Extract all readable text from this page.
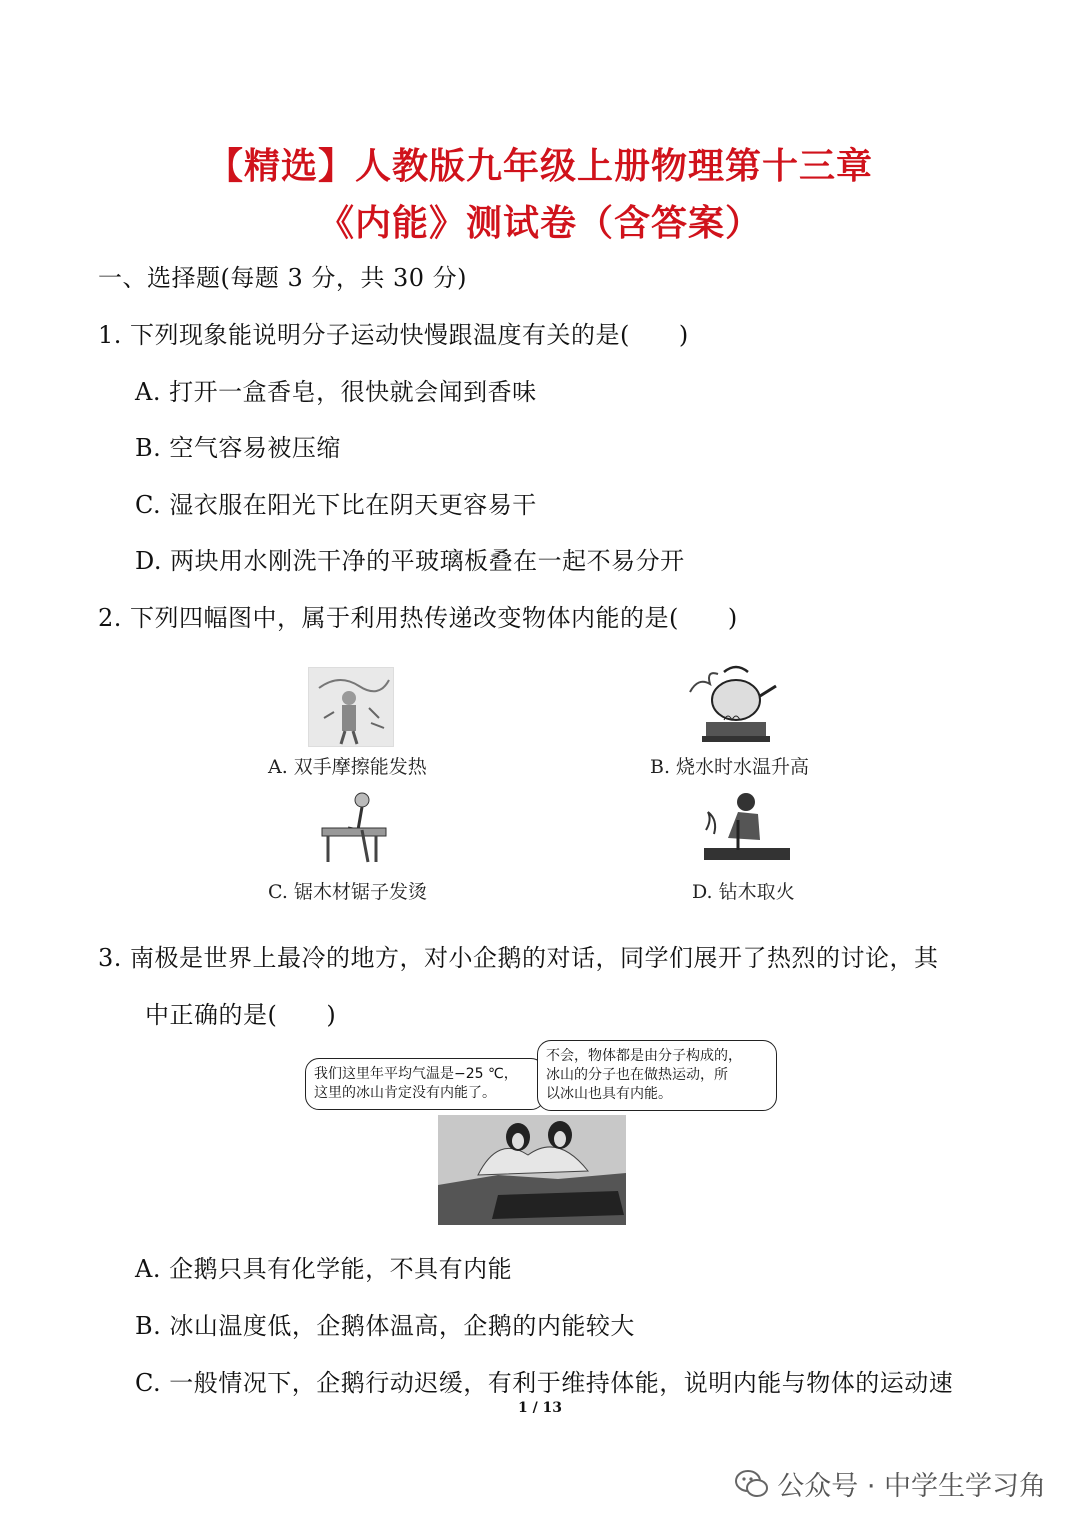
【精选】人教版九年级上册物理第十三章
《内能》测试卷（含答案）
一、选择题(每题 3 分，共 30 分)
1. 下列现象能说明分子运动快慢跟温度有关的是(　　)
A. 打开一盒香皂，很快就会闻到香味
B. 空气容易被压缩
C. 湿衣服在阳光下比在阴天更容易干
D. 两块用水刚洗干净的平玻璃板叠在一起不易分开
2. 下列四幅图中，属于利用热传递改变物体内能的是(　　)
A. 双手摩擦能发热	B. 烧水时水温升高
C. 锯木材锯子发烫	D. 钻木取火
3. 南极是世界上最冷的地方，对小企鹅的对话，同学们展开了热烈的讨论，其
中正确的是(　　)
我们这里年平均气温是−25 ℃，
这里的冰山肯定没有内能了。
不会，物体都是由分子构成的，
冰山的分子也在做热运动，所
以冰山也具有内能。
A. 企鹅只具有化学能，不具有内能
B. 冰山温度低，企鹅体温高，企鹅的内能较大
C. 一般情况下，企鹅行动迟缓，有利于维持体能，说明内能与物体的运动速
1 / 13
公众号 · 中学生学习角
